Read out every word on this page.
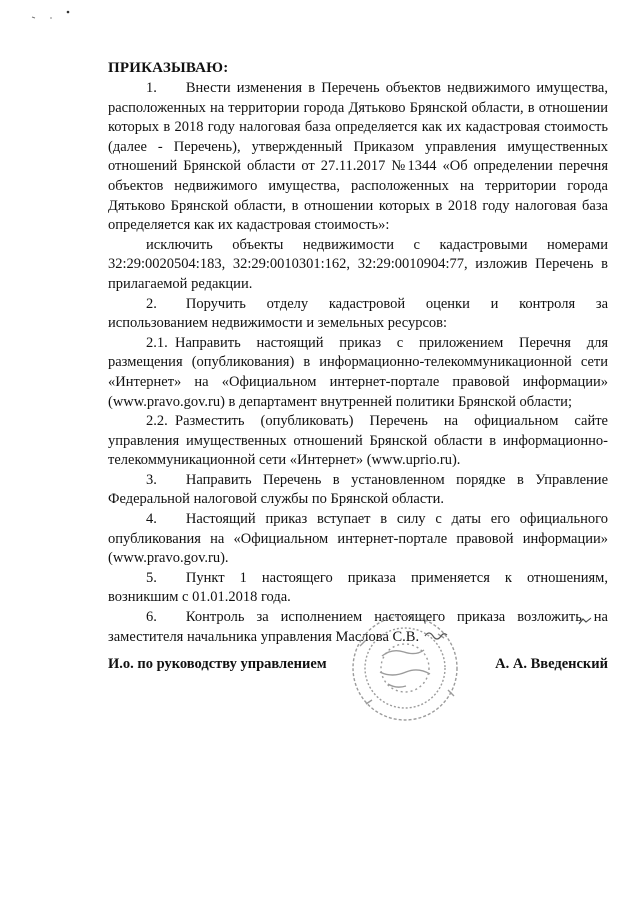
ПРИКАЗЫВАЮ:

1.   Внести изменения в Перечень объектов недвижимого имущества, расположенных на территории города Дятьково Брянской области, в отношении которых в 2018 году налоговая база определяется как их кадастровая стоимость (далее - Перечень), утвержденный Приказом управления имущественных отношений Брянской области от 27.11.2017 №1344 «Об определении перечня объектов недвижимого имущества, расположенных на территории города Дятьково Брянской области, в отношении которых в 2018 году налоговая база определяется как их кадастровая стоимость»:

исключить объекты недвижимости с кадастровыми номерами 32:29:0020504:183, 32:29:0010301:162, 32:29:0010904:77, изложив Перечень в прилагаемой редакции.

2.   Поручить отделу кадастровой оценки и контроля за использованием недвижимости и земельных ресурсов:

2.1.  Направить настоящий приказ с приложением Перечня для размещения (опубликования) в информационно-телекоммуникационной сети «Интернет» на «Официальном интернет-портале правовой информации» (www.pravo.gov.ru) в департамент внутренней политики Брянской области;

2.2.  Разместить (опубликовать) Перечень на официальном сайте управления имущественных отношений Брянской области в информационно-телекоммуникационной сети «Интернет» (www.uprio.ru).

3.   Направить Перечень в установленном порядке в Управление Федеральной налоговой службы по Брянской области.

4.   Настоящий приказ вступает в силу с даты его официального опубликования на «Официальном интернет-портале правовой информации» (www.pravo.gov.ru).

5.   Пункт 1 настоящего приказа применяется к отношениям, возникшим с 01.01.2018 года.

6.   Контроль за исполнением настоящего приказа возложить на заместителя начальника управления Маслова С.В.

И.о. по руководству управлением	А. А. Введенский
